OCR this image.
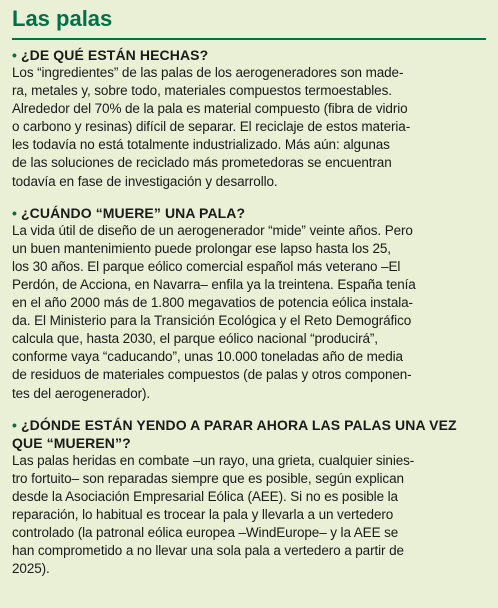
Las palas

• ¿DE QUÉ ESTÁN HECHAS?

Los “ingredientes” de las palas de los aerogeneradores son made-
ra, metales y, sobre todo, materiales compuestos termoestables.
Alrededor del 70% de la pala es material compuesto (fibra de vidrio
o carbono y resinas) difícil de separar. El reciclaje de estos materia-
les todavía no está totalmente industrializado. Más aún: algunas
de las soluciones de reciclado más prometedoras se encuentran
todavía en fase de investigación y desarrollo.

• ¿CUÁNDO “MUERE” UNA PALA?

La vida útil de diseño de un aerogenerador “mide” veinte años. Pero
un buen mantenimiento puede prolongar ese lapso hasta los 25,
los 30 años. El parque eólico comercial español más veterano –El
Perdón, de Acciona, en Navarra– enfila ya la treintena. España tenía
en el año 2000 más de 1.800 megavatios de potencia eólica instala-
da. El Ministerio para la Transición Ecológica y el Reto Demográfico
calcula que, hasta 2030, el parque eólico nacional “producirá”,
conforme vaya “caducando”, unas 10.000 toneladas año de media
de residuos de materiales compuestos (de palas y otros componen-
tes del aerogenerador).

• ¿DÓNDE ESTÁN YENDO A PARAR AHORA LAS PALAS UNA VEZ
QUE “MUEREN”?

Las palas heridas en combate –un rayo, una grieta, cualquier sinies-
tro fortuito– son reparadas siempre que es posible, según explican
desde la Asociación Empresarial Eólica (AEE). Si no es posible la
reparación, lo habitual es trocear la pala y llevarla a un vertedero
controlado (la patronal eólica europea –WindEurope– y la AEE se
han comprometido a no llevar una sola pala a vertedero a partir de
2025).
